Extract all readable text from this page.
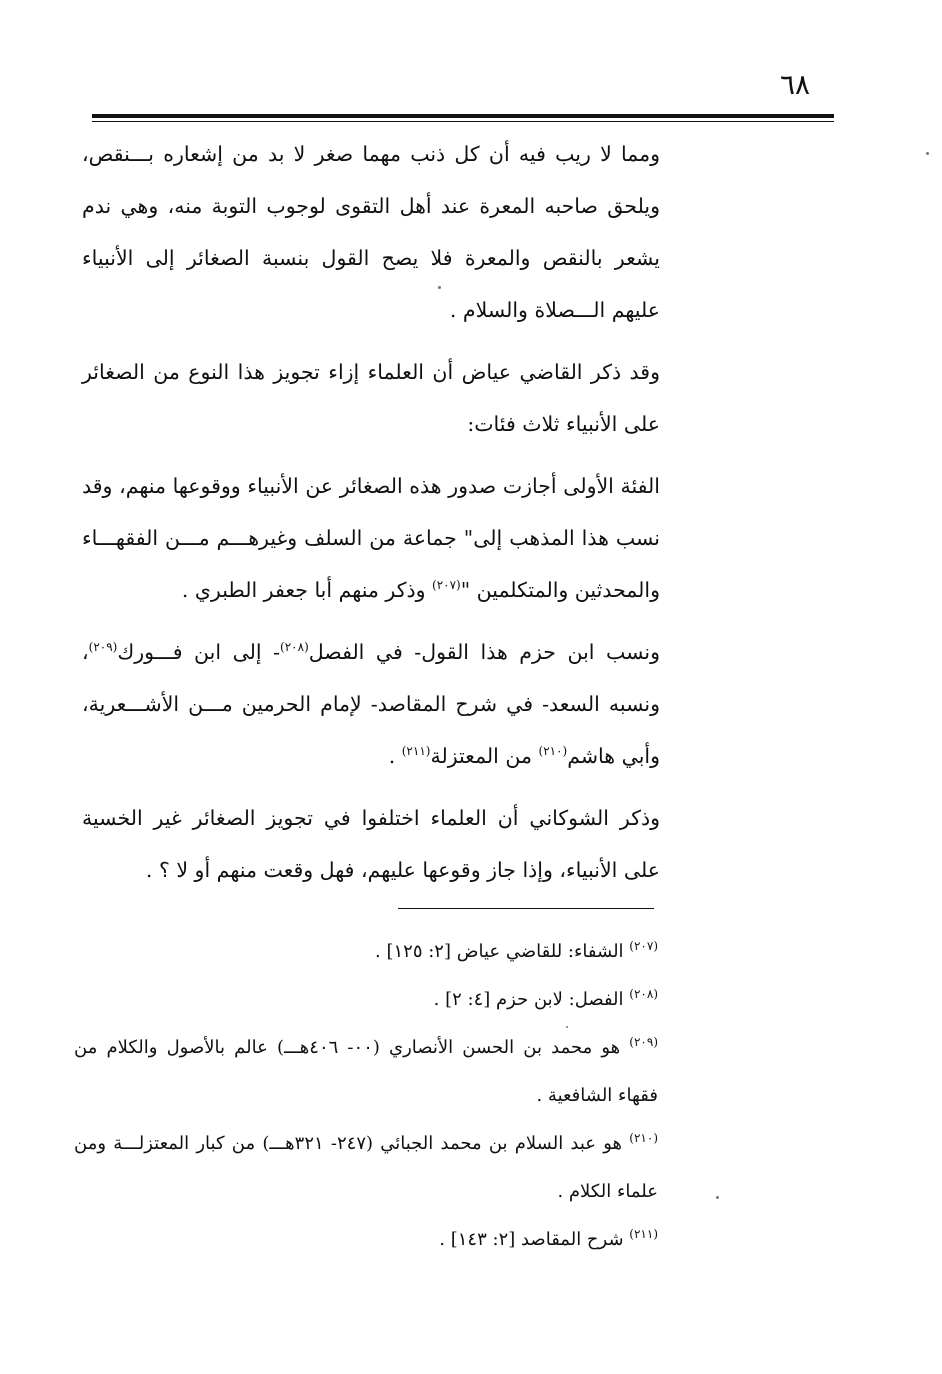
٦٨

ومما لا ريب فيه أن كل ذنب مهما صغر لا بد من إشعاره بـــنقص، ويلحق صاحبه المعرة عند أهل التقوى لوجوب التوبة منه، وهي ندم يشعر بالنقص والمعرة فلا يصح القول بنسبة الصغائر إلى الأنبياء عليهم الـــصلاة والسلام .

وقد ذكر القاضي عياض أن العلماء إزاء تجويز هذا النوع من الصغائر على الأنبياء ثلاث فئات:

الفئة الأولى أجازت صدور هذه الصغائر عن الأنبياء ووقوعها منهم، وقد نسب هذا المذهب إلى" جماعة من السلف وغيرهـــم مـــن الفقهـــاء والمحدثين والمتكلمين "$^{(٢٠٧)}$ وذكر منهم أبا جعفر الطبري .

ونسب ابن حزم هذا القول- في الفصل$^{(٢٠٨)}$- إلى ابن فـــورك$^{(٢٠٩)}$، ونسبه السعد- في شرح المقاصد- لإمام الحرمين مـــن الأشـــعرية، وأبي هاشم$^{(٢١٠)}$ من المعتزلة$^{(٢١١)}$ .

وذكر الشوكاني أن العلماء اختلفوا في تجويز الصغائر غير الخسية على الأنبياء، وإذا جاز وقوعها عليهم، فهل وقعت منهم أو لا ؟ .

$^{(٢٠٧)}$ الشفاء: للقاضي عياض [٢: ١٢٥] .

$^{(٢٠٨)}$ الفصل: لابن حزم [٤: ٢] .

$^{(٢٠٩)}$ هو محمد بن الحسن الأنصاري (٠٠- ٤٠٦هـــ) عالم بالأصول والكلام من فقهاء الشافعية .

$^{(٢١٠)}$ هو عبد السلام بن محمد الجبائي (٢٤٧- ٣٢١هـــ) من كبار المعتزلـــة ومن علماء الكلام .

$^{(٢١١)}$ شرح المقاصد [٢: ١٤٣] .
